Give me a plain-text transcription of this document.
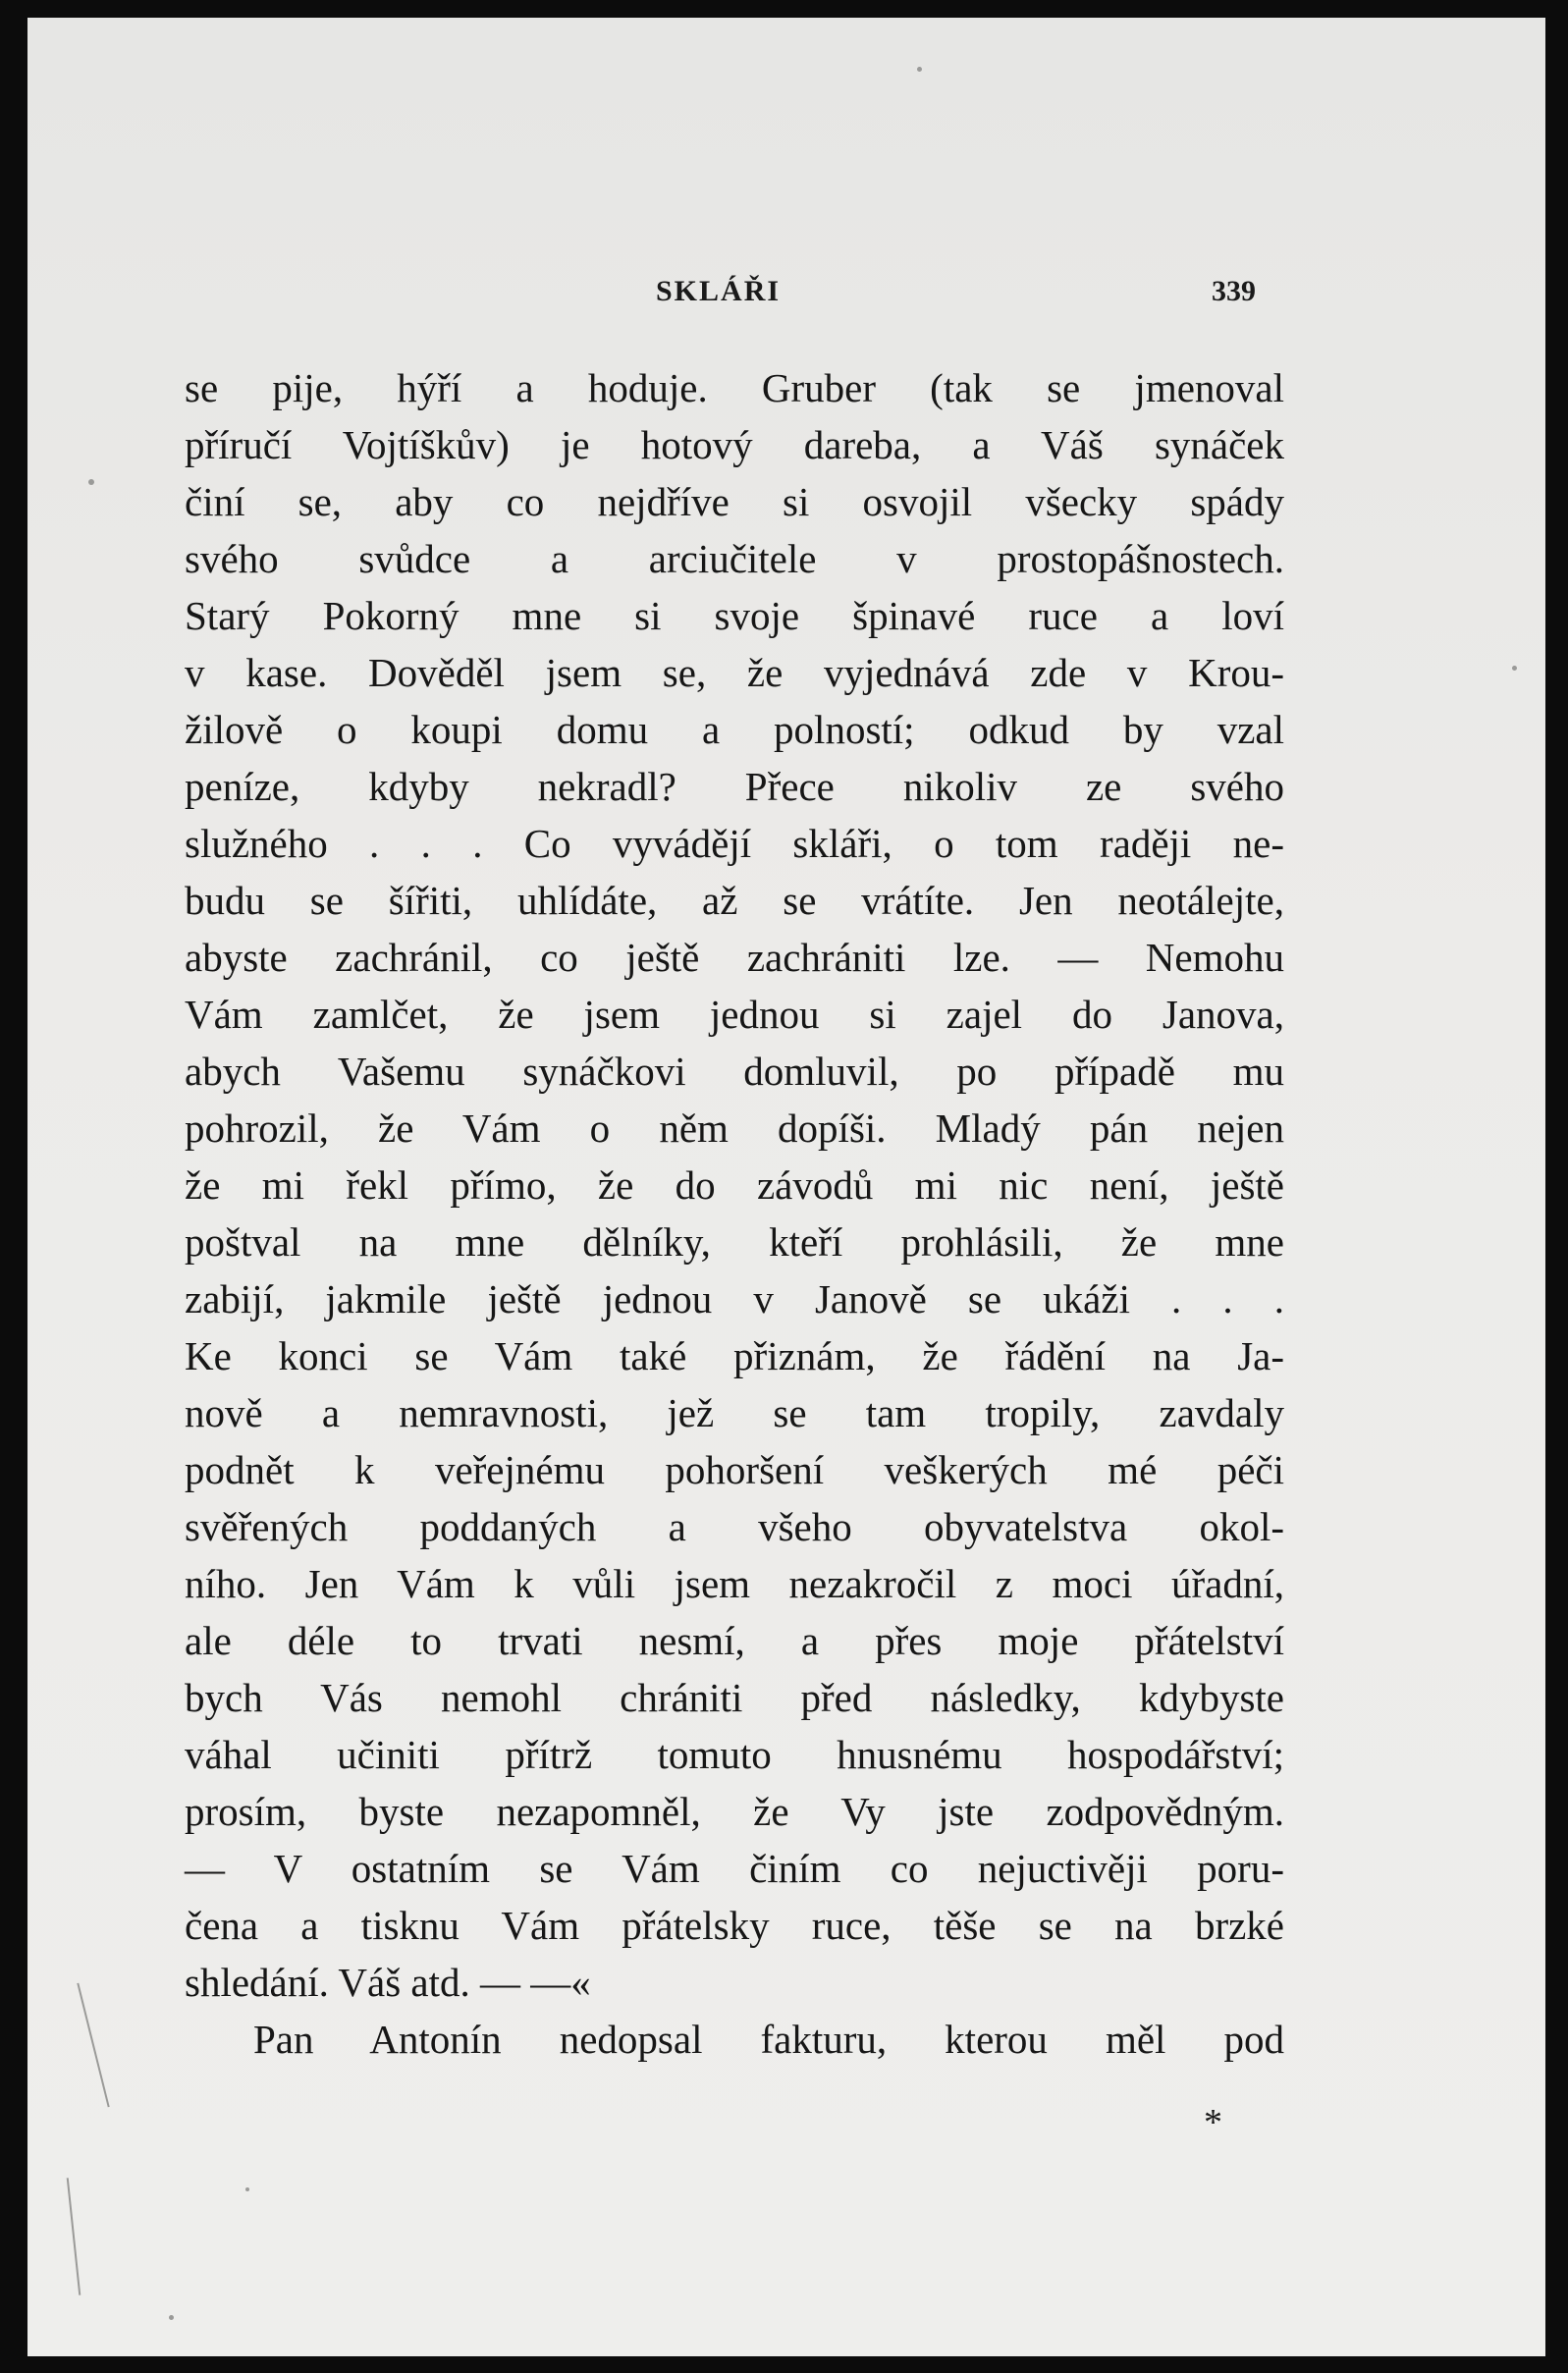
SKLÁŘI	339
se pije, hýří a hoduje. Gruber (tak se jmenoval
příručí Vojtíškův) je hotový dareba, a Váš synáček
činí se, aby co nejdříve si osvojil všecky spády
svého svůdce a arciučitele v prostopášnostech.
Starý Pokorný mne si svoje špinavé ruce a loví
v kase. Dověděl jsem se, že vyjednává zde v Krou-
žilově o koupi domu a polností; odkud by vzal
peníze, kdyby nekradl? Přece nikoliv ze svého
služného . . . Co vyvádějí skláři, o tom raději ne-
budu se šířiti, uhlídáte, až se vrátíte. Jen neotálejte,
abyste zachránil, co ještě zachrániti lze. — Nemohu
Vám zamlčet, že jsem jednou si zajel do Janova,
abych Vašemu synáčkovi domluvil, po případě mu
pohrozil, že Vám o něm dopíši. Mladý pán nejen
že mi řekl přímo, že do závodů mi nic není, ještě
poštval na mne dělníky, kteří prohlásili, že mne
zabijí, jakmile ještě jednou v Janově se ukáži . . .
Ke konci se Vám také přiznám, že řádění na Ja-
nově a nemravnosti, jež se tam tropily, zavdaly
podnět k veřejnému pohoršení veškerých mé péči
svěřených poddaných a všeho obyvatelstva okol-
ního. Jen Vám k vůli jsem nezakročil z moci úřadní,
ale déle to trvati nesmí, a přes moje přátelství
bych Vás nemohl chrániti před následky, kdybyste
váhal učiniti přítrž tomuto hnusnému hospodářství;
prosím, byste nezapomněl, že Vy jste zodpovědným.
— V ostatním se Vám činím co nejuctivěji poru-
čena a tisknu Vám přátelsky ruce, těše se na brzké
shledání. Váš atd. — —«
Pan Antonín nedopsal fakturu, kterou měl pod
*
